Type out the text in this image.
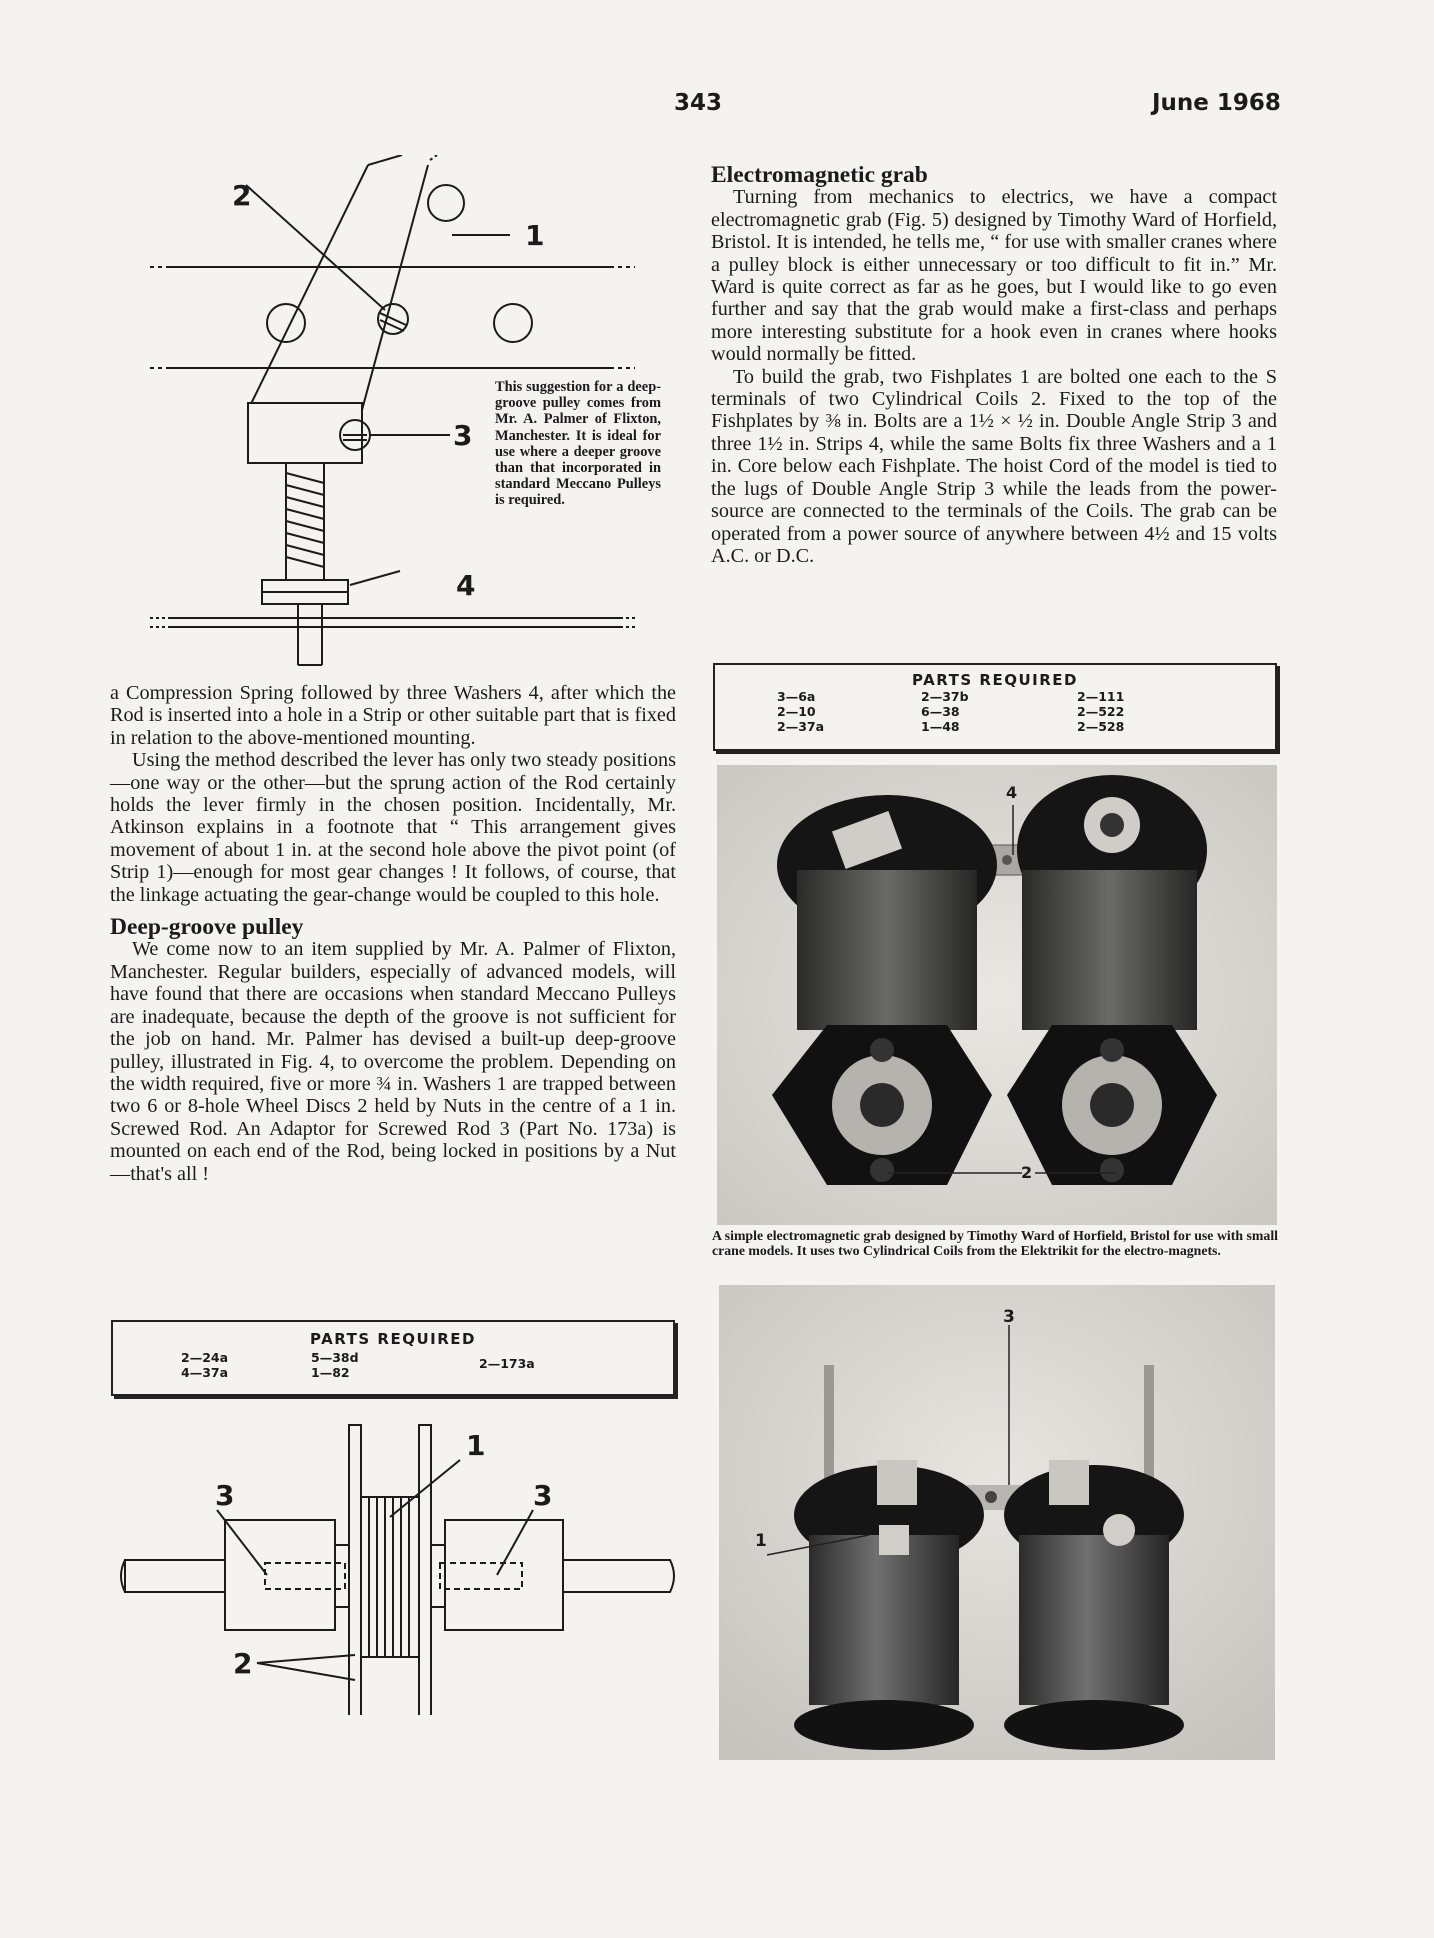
343	June 1968
2
1
3
4
This suggestion for a deep-groove pulley comes from Mr. A. Palmer of Flixton, Manchester. It is ideal for use where a deeper groove than that incorporated in standard Meccano Pulleys is required.

a Compression Spring followed by three Washers 4, after which the Rod is inserted into a hole in a Strip or other suitable part that is fixed in relation to the above-mentioned mounting.

Using the method described the lever has only two steady positions—one way or the other—but the sprung action of the Rod certainly holds the lever firmly in the chosen position. Incidentally, Mr. Atkinson explains in a footnote that “ This arrangement gives movement of about 1 in. at the second hole above the pivot point (of Strip 1)—enough for most gear changes ! It follows, of course, that the linkage actuating the gear-change would be coupled to this hole.

Deep-groove pulley

We come now to an item supplied by Mr. A. Palmer of Flixton, Manchester. Regular builders, especially of advanced models, will have found that there are occasions when standard Meccano Pulleys are inadequate, because the depth of the groove is not sufficient for the job on hand. Mr. Palmer has devised a built-up deep-groove pulley, illustrated in Fig. 4, to overcome the problem. Depending on the width required, five or more ¾ in. Washers 1 are trapped between two 6 or 8-hole Wheel Discs 2 held by Nuts in the centre of a 1 in. Screwed Rod. An Adaptor for Screwed Rod 3 (Part No. 173a) is mounted on each end of the Rod, being locked in positions by a Nut—that's all !

PARTS REQUIRED
2—24a
4—37a
5—38d
1—82
2—173a
1
2
3	3
Electromagnetic grab

Turning from mechanics to electrics, we have a compact electromagnetic grab (Fig. 5) designed by Timothy Ward of Horfield, Bristol. It is intended, he tells me, “ for use with smaller cranes where a pulley block is either unnecessary or too difficult to fit in.” Mr. Ward is quite correct as far as he goes, but I would like to go even further and say that the grab would make a first-class and perhaps more interesting substitute for a hook even in cranes where hooks would normally be fitted.

To build the grab, two Fishplates 1 are bolted one each to the S terminals of two Cylindrical Coils 2. Fixed to the top of the Fishplates by ⅜ in. Bolts are a 1½ × ½ in. Double Angle Strip 3 and three 1½ in. Strips 4, while the same Bolts fix three Washers and a 1 in. Core below each Fishplate. The hoist Cord of the model is tied to the lugs of Double Angle Strip 3 while the leads from the power-source are connected to the terminals of the Coils. The grab can be operated from a power source of anywhere between 4½ and 15 volts A.C. or D.C.

PARTS REQUIRED
3—6a
2—10
2—37a
2—37b
6—38
1—48
2—111
2—522
2—528
4
2
A simple electromagnetic grab designed by Timothy Ward of Horfield, Bristol for use with small crane models. It uses two Cylindrical Coils from the Elektrikit for the electro-magnets.
3
1
